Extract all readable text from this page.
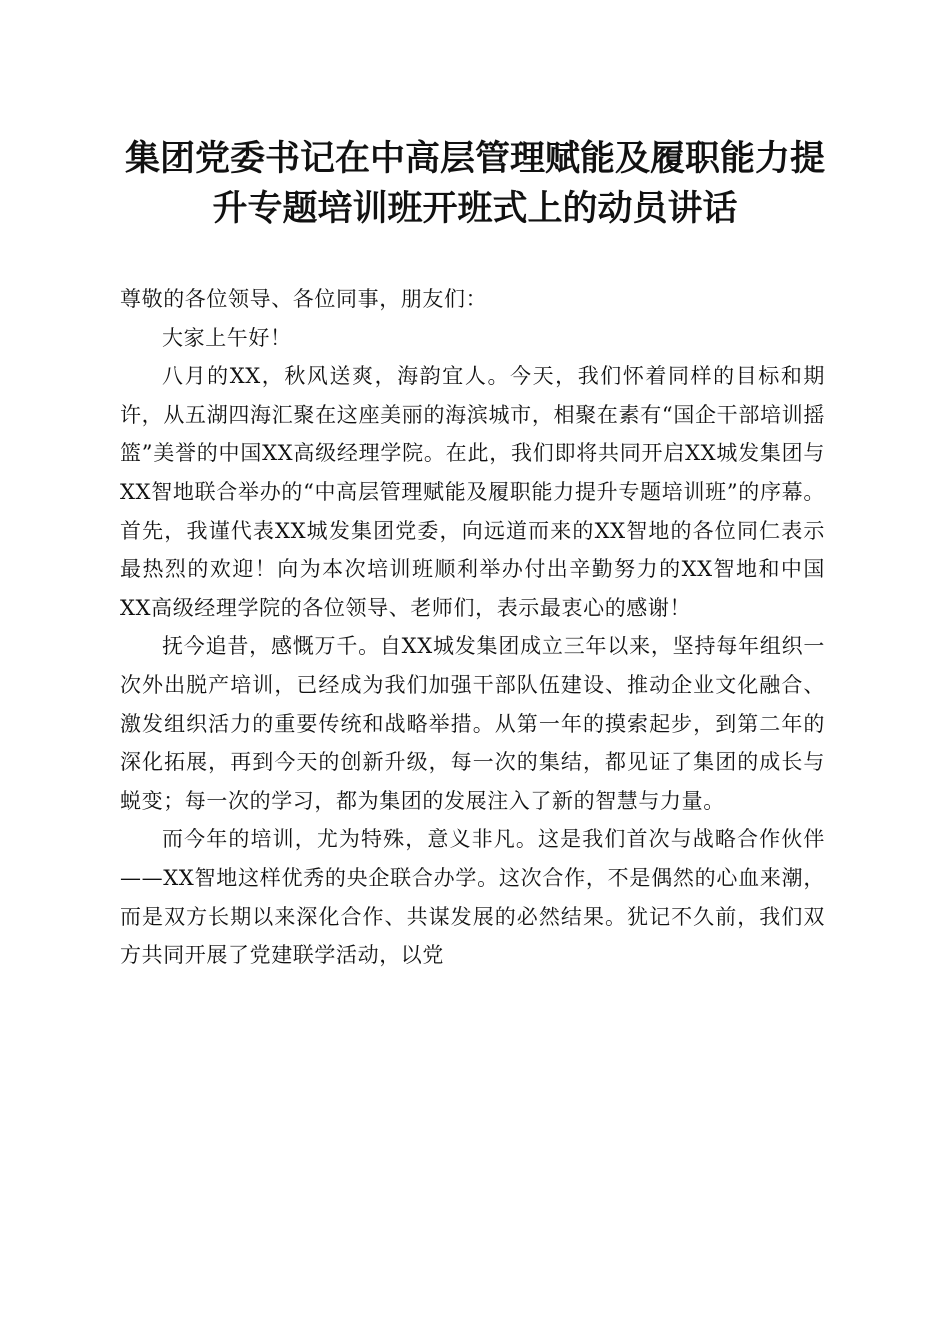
集团党委书记在中高层管理赋能及履职能力提
升专题培训班开班式上的动员讲话

尊敬的各位领导、各位同事，朋友们：

大家上午好！

八月的XX，秋风送爽，海韵宜人。今天，我们怀着同样的目标和期许，从五湖四海汇聚在这座美丽的海滨城市，相聚在素有“国企干部培训摇篮”美誉的中国XX高级经理学院。在此，我们即将共同开启XX城发集团与XX智地联合举办的“中高层管理赋能及履职能力提升专题培训班”的序幕。首先，我谨代表XX城发集团党委，向远道而来的XX智地的各位同仁表示最热烈的欢迎！向为本次培训班顺利举办付出辛勤努力的XX智地和中国XX高级经理学院的各位领导、老师们，表示最衷心的感谢！

抚今追昔，感慨万千。自XX城发集团成立三年以来，坚持每年组织一次外出脱产培训，已经成为我们加强干部队伍建设、推动企业文化融合、激发组织活力的重要传统和战略举措。从第一年的摸索起步，到第二年的深化拓展，再到今天的创新升级，每一次的集结，都见证了集团的成长与蜕变；每一次的学习，都为集团的发展注入了新的智慧与力量。

而今年的培训，尤为特殊，意义非凡。这是我们首次与战略合作伙伴——XX智地这样优秀的央企联合办学。这次合作，不是偶然的心血来潮，而是双方长期以来深化合作、共谋发展的必然结果。犹记不久前，我们双方共同开展了党建联学活动，以党
